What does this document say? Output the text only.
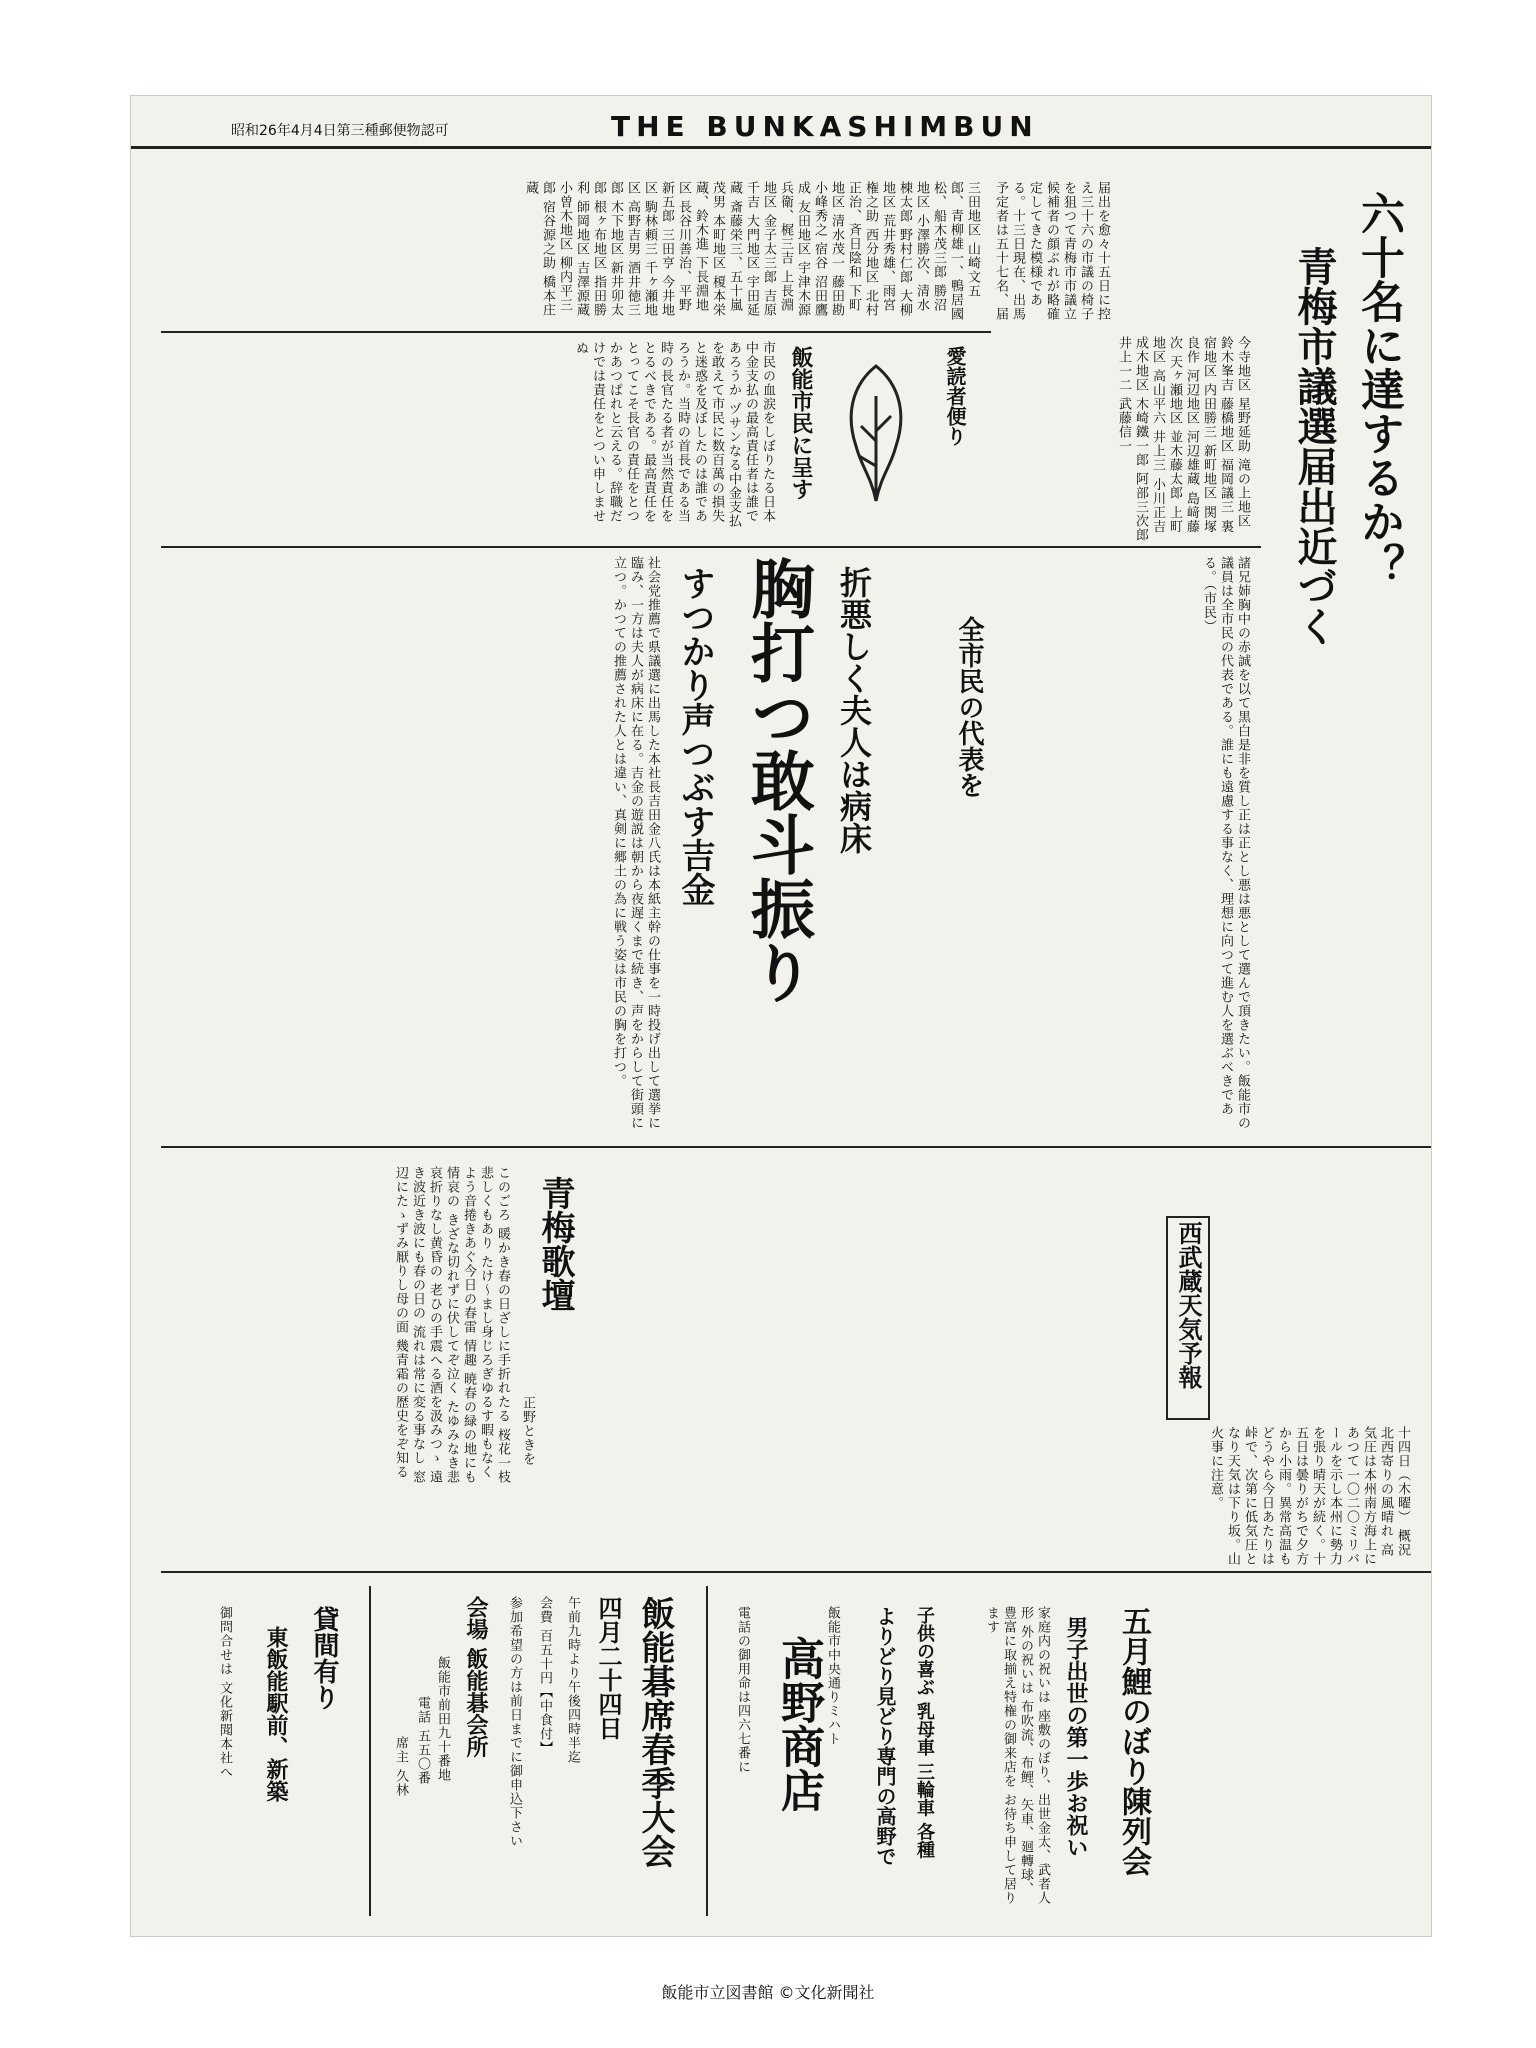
昭和26年4月4日第三種郵便物認可	THE BUNKASHIMBUN
六十名に達するか？
青梅市議選届出近づく
届出を愈々十五日に控え三十六の市議の椅子を狙つて青梅市市議立候補者の顔ぶれが略確定してきた模様である。十三日現在、出馬予定者は五十七名、届
三田地区 山崎文五郎、青柳雄一、鴨居國松、船木茂三郎 勝沼地区 小澤勝次、清水棟太郎 野村仁郎 大柳地区 荒井秀雄、雨宮権之助 西分地区 北村正治、斉日陰和 下町地区 清水茂一 藤田勘 小峰秀之 宿谷 沼田鷹成 友田地区 宇津木源兵衛、梶三吉 上長淵地区 金子太三郎 吉原千吉 大門地区 宇田延蔵 斎藤栄三、五十嵐茂男 本町地区 榎本栄蔵、鈴木進 下長淵地区 長谷川善治、平野新五郎 三田亨 今井地区 駒林頼三 千ヶ瀬地区 高野吉男 酒井徳三郎 木下地区 新井卯太郎 根ヶ布地区 指田勝利 師岡地区 吉澤源蔵 小曽木地区 柳内平三郎 宿谷源之助 橋本庄蔵
今寺地区 星野延助 滝の上地区 鈴木峯吉 藤橋地区 福岡議三 裏宿地区 内田勝三 新町地区 関塚良作 河辺地区 河辺雄蔵 島﨑藤次 天ヶ瀬地区 並木藤太郎 上町地区 高山平六 井上三 小川正吉 成木地区 木崎鐵一郎 阿部三次郎 井上一二 武藤信一
愛読者便り
飯能市民に呈す
市民の血涙をしぼりたる日本中金支払の最高責任者は誰であろうか ヅサンなる中金支払を敢えて市民に数百萬の損失と迷惑を及ぼしたのは誰であろうか。当時の首長である当時の長官たる者が当然責任をとるべきである。最高責任をとってこそ長官の責任をとつかあつぱれと云える。辞職だけでは責任をとつい申しませぬ
折悪しく夫人は病床
胸打つ敢斗振り
すつかり声つぶす吉金
社会党推薦で県議選に出馬した本社長吉田金八氏は本紙主幹の仕事を一時投げ出して選挙に臨み、一方は夫人が病床に在る。吉金の遊説は朝から夜遅くまで続き、声をからして街頭に立つ。かつての推薦された人とは違い、真剣に郷土の為に戦う姿は市民の胸を打つ。	全市民の代表を	諸兄姉胸中の赤誠を以て黒白是非を質し正は正とし悪は悪として選んで頂きたい。飯能市の議員は全市民の代表である。誰にも遠慮する事なく、理想に向つて進む人を選ぶべきである。（市民）
青梅歌壇
正野ときを
このごろ 暖かき春の日ざしに手折れたる 桜花一枝悲しくもあり たけ〜まし身じろぎゆるす暇もなく よう音捲きあぐ今日の春雷 情趣 暁春の緑の地にも情哀の きざな切れずに伏してぞ泣く たゆみなき悲哀折りなし黄昏の 老ひの手震へる酒を汲みつゝ 遠き波近き波にも春の日の 流れは常に変る事なし 窓辺にたゝずみ厭りし母の面 幾青霜の歴史をぞ知る	西武蔵天気予報
十四日（木曜） 概況 北西寄りの風晴れ 高気圧は本州南方海上にあつて一〇二〇ミリバールを示し本州に勢力を張り晴天が続く。十五日は曇りがちで夕方から小雨。異常高温もどうやら今日あたりは峠で、次第に低気圧となり天気は下り坂。山火事に注意。
五月鯉のぼり陳列会
男子出世の第一歩お祝い
家庭内の祝いは 座敷のぼり、出世金太、武者人形 外の祝いは 布吹流、布鯉、矢車、廻轉球、豊富に取揃え特権の御来店を お待ち申して居ります
子供の喜ぶ 乳母車 三輪車 各種
よりどり見どり専門の高野で
飯能市中央通りミハト
高野商店
電話の御用命は四六七番に
飯能碁席春季大会
四月二十四日
午前九時より午後四時半迄
会費 百五十円【中食付】
参加希望の方は前日までに御申込下さい
会場 飯能碁会所
飯能市前田九十番地
電話 五五〇番
席主 久林
貸間有り
東飯能駅前、新築
御問合せは 文化新聞本社へ
飯能市立図書館 ©文化新聞社
